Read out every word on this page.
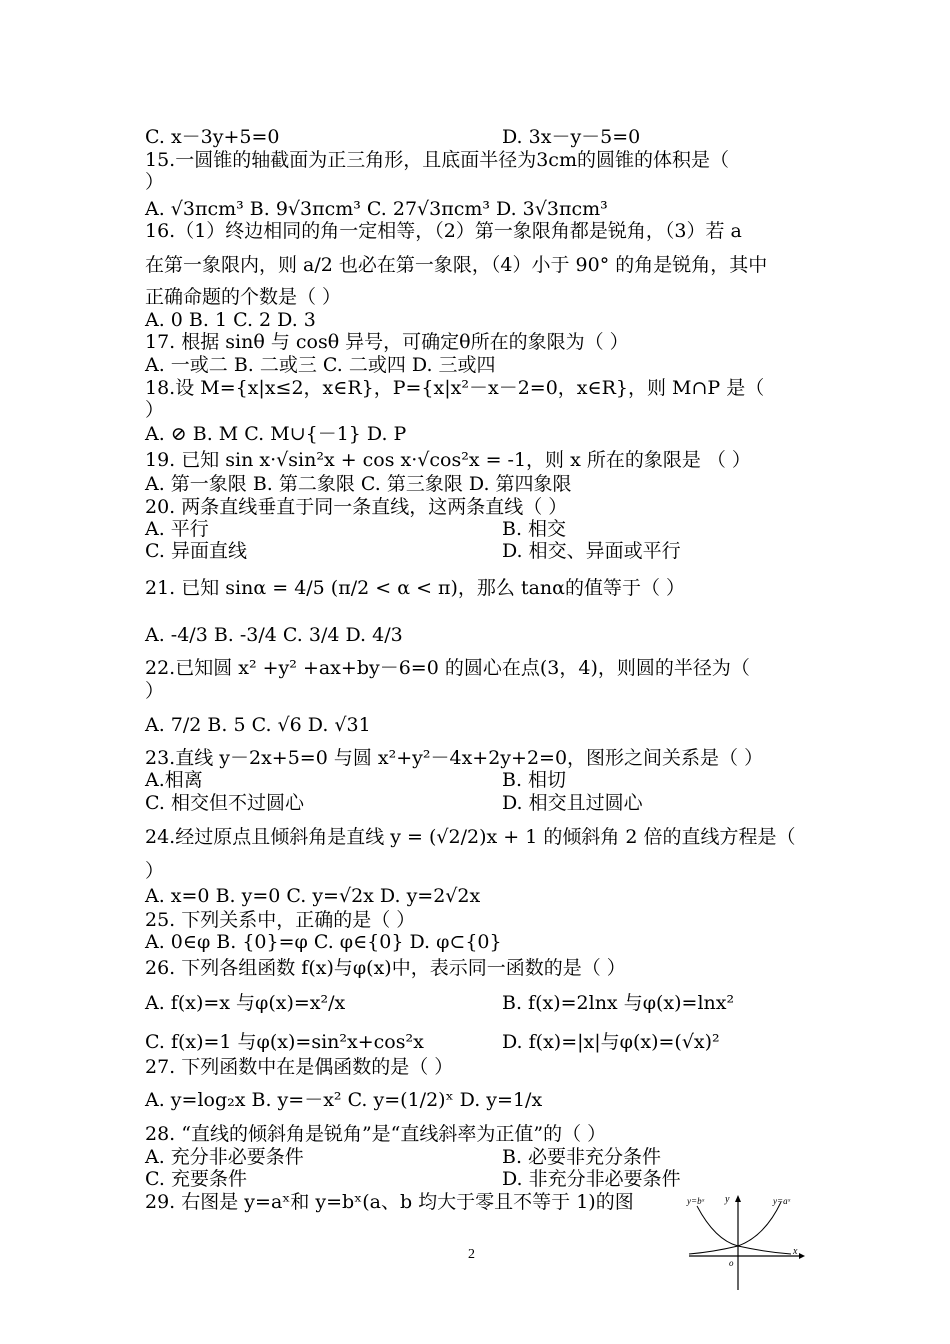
C. x－3y+5=0	D. 3x－y－5=0
15.一圆锥的轴截面为正三角形，且底面半径为3cm的圆锥的体积是（
）
A. √3πcm³ B. 9√3πcm³ C. 27√3πcm³ D. 3√3πcm³
16.（1）终边相同的角一定相等，（2）第一象限角都是锐角，（3）若 a
在第一象限内，则 a/2 也必在第一象限，（4）小于 90° 的角是锐角，其中
正确命题的个数是（ ）
A. 0 B. 1 C. 2 D. 3
17. 根据 sinθ 与 cosθ 异号，可确定θ所在的象限为（ ）
A. 一或二 B. 二或三 C. 二或四 D. 三或四
18.设 M={x|x≤2，x∈R}，P={x|x²－x－2=0，x∈R}，则 M∩P 是（
）
A. ⊘ B. M C. M∪{－1} D. P
19. 已知 sin x·√sin²x + cos x·√cos²x = -1，则 x 所在的象限是 （ ）
A. 第一象限 B. 第二象限 C. 第三象限 D. 第四象限
20. 两条直线垂直于同一条直线，这两条直线（ ）
A. 平行	B. 相交
C. 异面直线	D. 相交、异面或平行
21. 已知 sinα = 4/5 (π/2 < α < π)，那么 tanα的值等于（ ）
A. -4/3 B. -3/4 C. 3/4 D. 4/3
22.已知圆 x² +y² +ax+by－6=0 的圆心在点(3，4)，则圆的半径为（
）
A. 7/2 B. 5 C. √6 D. √31
23.直线 y－2x+5=0 与圆 x²+y²－4x+2y+2=0，图形之间关系是（ ）
A.相离	B. 相切
C. 相交但不过圆心	D. 相交且过圆心
24.经过原点且倾斜角是直线 y = (√2/2)x + 1 的倾斜角 2 倍的直线方程是（
）
A. x=0 B. y=0 C. y=√2x D. y=2√2x
25. 下列关系中，正确的是（ ）
A. 0∈φ B. {0}=φ C. φ∈{0} D. φ⊂{0}
26. 下列各组函数 f(x)与φ(x)中，表示同一函数的是（ ）
A. f(x)=x 与φ(x)=x²/x	B. f(x)=2lnx 与φ(x)=lnx²
C. f(x)=1 与φ(x)=sin²x+cos²x	D. f(x)=|x|与φ(x)=(√x)²
27. 下列函数中在是偶函数的是（ ）
A. y=log₂x B. y=－x² C. y=(1/2)ˣ D. y=1/x
28. “直线的倾斜角是锐角”是“直线斜率为正值”的（ ）
A. 充分非必要条件	B. 必要非充分条件
C. 充要条件	D. 非充分非必要条件
29. 右图是 y=aˣ和 y=bˣ(a、b 均大于零且不等于 1)的图	y=bˣ	y=aˣ
y
x
o
2
